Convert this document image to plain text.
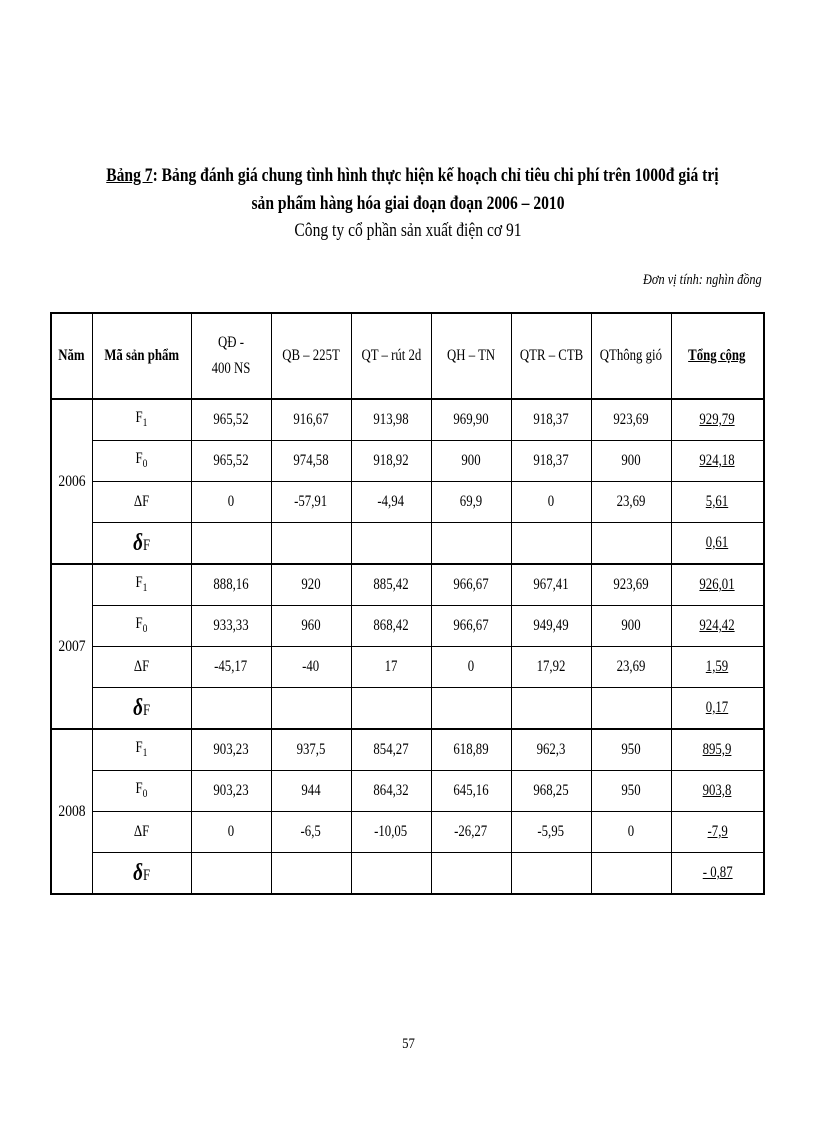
Bảng 7: Bảng đánh giá chung tình hình thực hiện kế hoạch chỉ tiêu chi phí trên 1000đ giá trị
sản phẩm hàng hóa giai đoạn đoạn 2006 – 2010
Công ty cổ phần sản xuất điện cơ 91
Đơn vị tính: nghìn đồng
Năm	Mã sản phẩm	QĐ - 400 NS	QB – 225T	QT – rút 2d	QH – TN	QTR – CTB	QThông gió	Tổng cộng
2006	$F_1$	965,52	916,67	913,98	969,90	918,37	923,69	929,79
	$F_0$	965,52	974,58	918,92	900	918,37	900	924,18
	ΔF	0	-57,91	-4,94	69,9	0	23,69	5,61
	δF							0,61
2007	$F_1$	888,16	920	885,42	966,67	967,41	923,69	926,01
	$F_0$	933,33	960	868,42	966,67	949,49	900	924,42
	ΔF	-45,17	-40	17	0	17,92	23,69	1,59
	δF							0,17
2008	$F_1$	903,23	937,5	854,27	618,89	962,3	950	895,9
	$F_0$	903,23	944	864,32	645,16	968,25	950	903,8
	ΔF	0	-6,5	-10,05	-26,27	-5,95	0	-7,9
	δF							- 0,87
57
